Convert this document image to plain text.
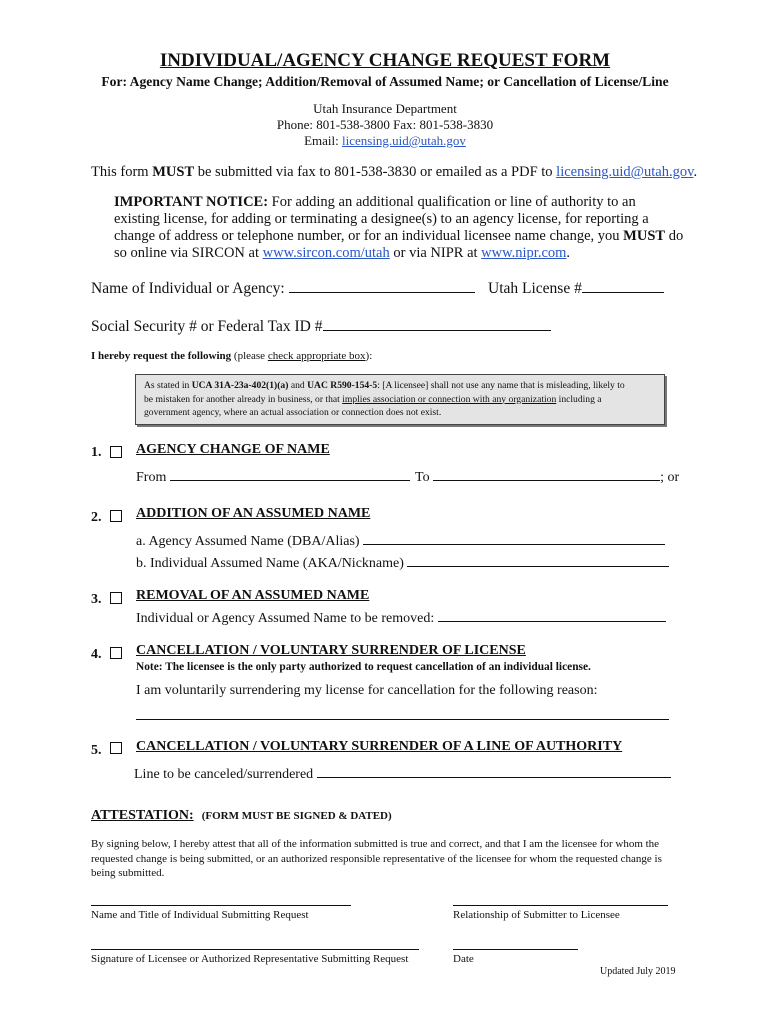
INDIVIDUAL/AGENCY CHANGE REQUEST FORM
For: Agency Name Change; Addition/Removal of Assumed Name; or Cancellation of License/Line
Utah Insurance Department
Phone: 801-538-3800 Fax: 801-538-3830
Email: licensing.uid@utah.gov
This form MUST be submitted via fax to 801-538-3830 or emailed as a PDF to licensing.uid@utah.gov.
IMPORTANT NOTICE: For adding an additional qualification or line of authority to an
existing license, for adding or terminating a designee(s) to an agency license, for reporting a
change of address or telephone number, or for an individual licensee name change, you MUST do
so online via SIRCON at www.sircon.com/utah or via NIPR at www.nipr.com.
Name of Individual or Agency:	Utah License #
Social Security # or Federal Tax ID #
I hereby request the following (please check appropriate box):
As stated in UCA 31A-23a-402(1)(a) and UAC R590-154-5: [A licensee] shall not use any name that is misleading, likely to
be mistaken for another already in business, or that implies association or connection with any organization including a
government agency, where an actual association or connection does not exist.
1. AGENCY CHANGE OF NAME
From	To	; or
2. ADDITION OF AN ASSUMED NAME
a. Agency Assumed Name (DBA/Alias)
b. Individual Assumed Name (AKA/Nickname)
3. REMOVAL OF AN ASSUMED NAME
Individual or Agency Assumed Name to be removed:
4. CANCELLATION / VOLUNTARY SURRENDER OF LICENSE
Note: The licensee is the only party authorized to request cancellation of an individual license.
I am voluntarily surrendering my license for cancellation for the following reason:
5. CANCELLATION / VOLUNTARY SURRENDER OF A LINE OF AUTHORITY
Line to be canceled/surrendered
ATTESTATION: (FORM MUST BE SIGNED & DATED)
By signing below, I hereby attest that all of the information submitted is true and correct, and that I am the licensee for whom the
requested change is being submitted, or an authorized responsible representative of the licensee for whom the requested change is
being submitted.
Name and Title of Individual Submitting Request	Relationship of Submitter to Licensee
Signature of Licensee or Authorized Representative Submitting Request	Date
Updated July 2019
